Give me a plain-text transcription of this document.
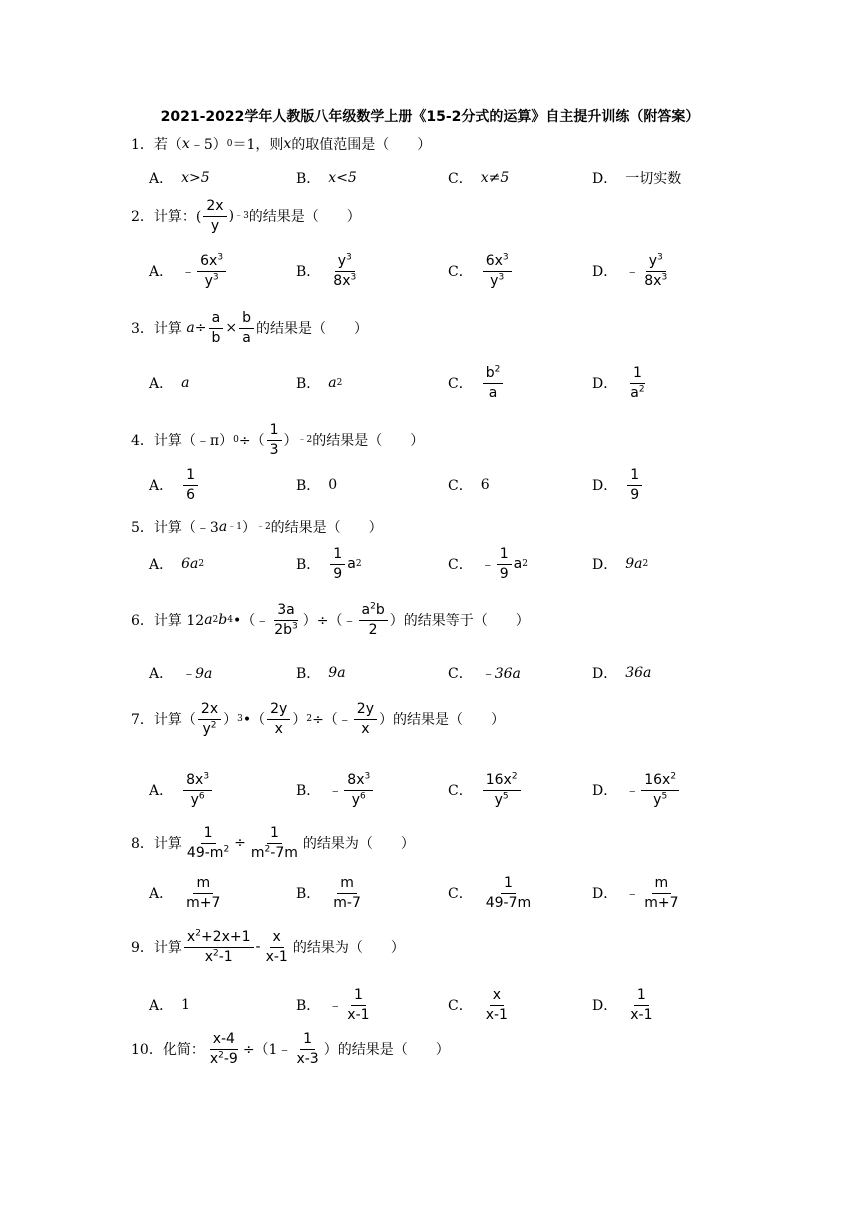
2021-2022学年人教版八年级数学上册《15-2分式的运算》自主提升训练（附答案）
1． 若（ x ﹣5） 0 ＝1，则 x 的取值范围是（　　）
A． x>5	B． x<5	C． x≠5	D． 一切实数
2． 计算：( $\frac{2x}{y}$ ) ﹣3 的结果是（　　）
A． ﹣ $\frac{6x^3}{y^3}$	B． $\frac{y^3}{8x^3}$	C． $\frac{6x^3}{y^3}$	D． ﹣ $\frac{y^3}{8x^3}$
3． 计算
$a \div \frac{a}{b} \times \frac{b}{a}$ 的结果是（　　）
A． a	B． a 2	C． $\frac{b^2}{a}$	D． $\frac{1}{a^2}$
4． 计算（﹣π） 0 ÷（ $\frac{1}{3}$ ） ﹣2 的结果是（　　）
A． $\frac{1}{6}$	B． 0	C． 6	D． $\frac{1}{9}$
5． 计算（﹣3 a ﹣1 ） ﹣2 的结果是（　　）
A． 6a 2	B． $\frac{1}{9}$ a 2	C． ﹣ $\frac{1}{9}$ a 2	D． 9a 2
6． 计算 12 a 2 b 4 •（﹣ $\frac{3a}{2b^3}$ ）÷（﹣ $\frac{a^2b}{2}$ ）的结果等于（　　）
A． ﹣9a	B． 9a	C． ﹣36a	D． 36a
7． 计算（ $\frac{2x}{y^2}$ ） 3 •（ $\frac{2y}{x}$ ） 2 ÷（﹣ $\frac{2y}{x}$ ）的结果是（　　）
A． $\frac{8x^3}{y^6}$	B． ﹣ $\frac{8x^3}{y^6}$	C． $\frac{16x^2}{y^5}$	D． ﹣ $\frac{16x^2}{y^5}$
8． 计算 $\frac{1}{49-m^2} \div \frac{1}{m^2-7m}$ 的结果为（　　）
A． $\frac{m}{m+7}$	B． $\frac{m}{m-7}$	C． $\frac{1}{49-7m}$	D． ﹣ $\frac{m}{m+7}$
9． 计算 $\frac{x^2+2x+1}{x^2-1} - \frac{x}{x-1}$ 的结果为（　　）
A． 1	B． ﹣ $\frac{1}{x-1}$	C． $\frac{x}{x-1}$	D． $\frac{1}{x-1}$
10． 化简： $\frac{x-4}{x^2-9}$ ÷（1﹣ $\frac{1}{x-3}$ ）的结果是（　　）
